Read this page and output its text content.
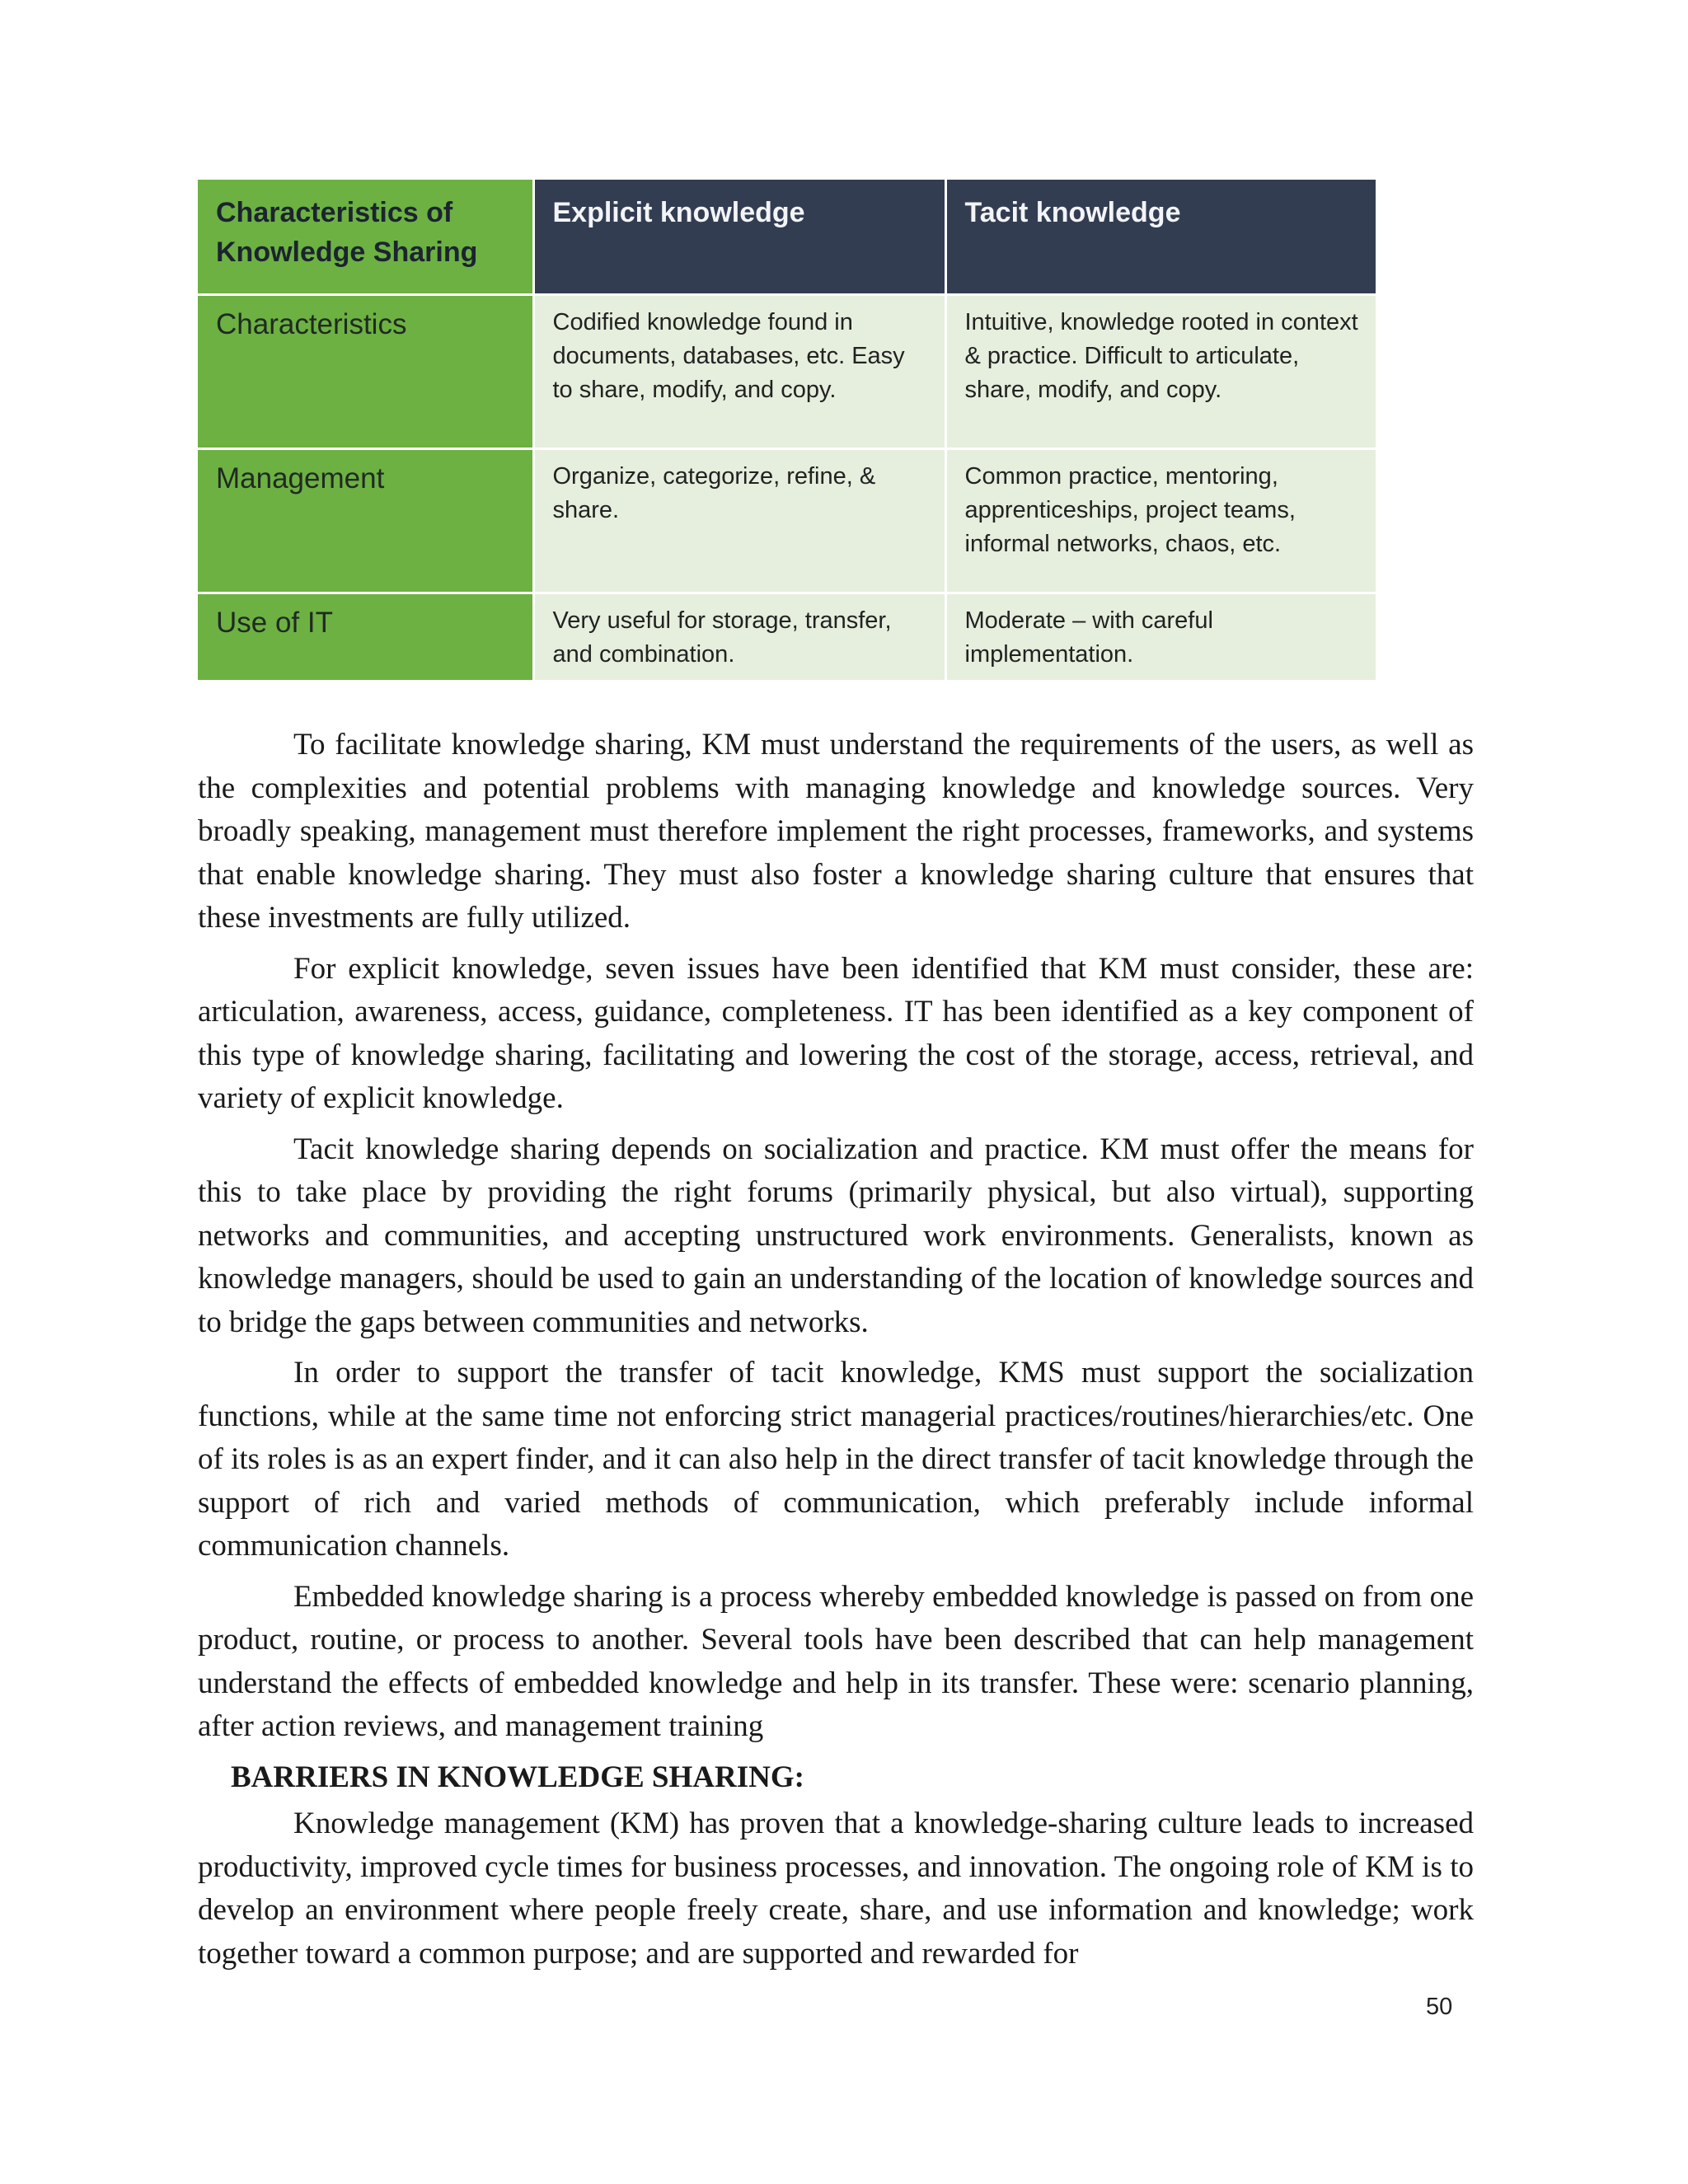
Characteristics of Knowledge Sharing	Explicit knowledge	Tacit knowledge
Characteristics	Codified knowledge found in documents, databases, etc. Easy to share, modify, and copy.	Intuitive, knowledge rooted in context & practice. Difficult to articulate, share, modify, and copy.
Management	Organize, categorize, refine, & share.	Common practice, mentoring, apprenticeships, project teams, informal networks, chaos, etc.
Use of IT	Very useful for storage, transfer, and combination.	Moderate – with careful implementation.

To facilitate knowledge sharing, KM must understand the requirements of the users, as well as the complexities and potential problems with managing knowledge and knowledge sources. Very broadly speaking, management must therefore implement the right processes, frameworks, and systems that enable knowledge sharing. They must also foster a knowledge sharing culture that ensures that these investments are fully utilized.

For explicit knowledge, seven issues have been identified that KM must consider, these are: articulation, awareness, access, guidance, completeness. IT has been identified as a key component of this type of knowledge sharing, facilitating and lowering the cost of the storage, access, retrieval, and variety of explicit knowledge.

Tacit knowledge sharing depends on socialization and practice. KM must offer the means for this to take place by providing the right forums (primarily physical, but also virtual), supporting networks and communities, and accepting unstructured work environments. Generalists, known as knowledge managers, should be used to gain an understanding of the location of knowledge sources and to bridge the gaps between communities and networks.

In order to support the transfer of tacit knowledge, KMS must support the socialization functions, while at the same time not enforcing strict managerial practices/routines/hierarchies/etc. One of its roles is as an expert finder, and it can also help in the direct transfer of tacit knowledge through the support of rich and varied methods of communication, which preferably include informal communication channels.

Embedded knowledge sharing is a process whereby embedded knowledge is passed on from one product, routine, or process to another. Several tools have been described that can help management understand the effects of embedded knowledge and help in its transfer. These were: scenario planning, after action reviews, and management training

BARRIERS IN KNOWLEDGE SHARING:

Knowledge management (KM) has proven that a knowledge-sharing culture leads to increased productivity, improved cycle times for business processes, and innovation. The ongoing role of KM is to develop an environment where people freely create, share, and use information and knowledge; work together toward a common purpose; and are supported and rewarded for

50
